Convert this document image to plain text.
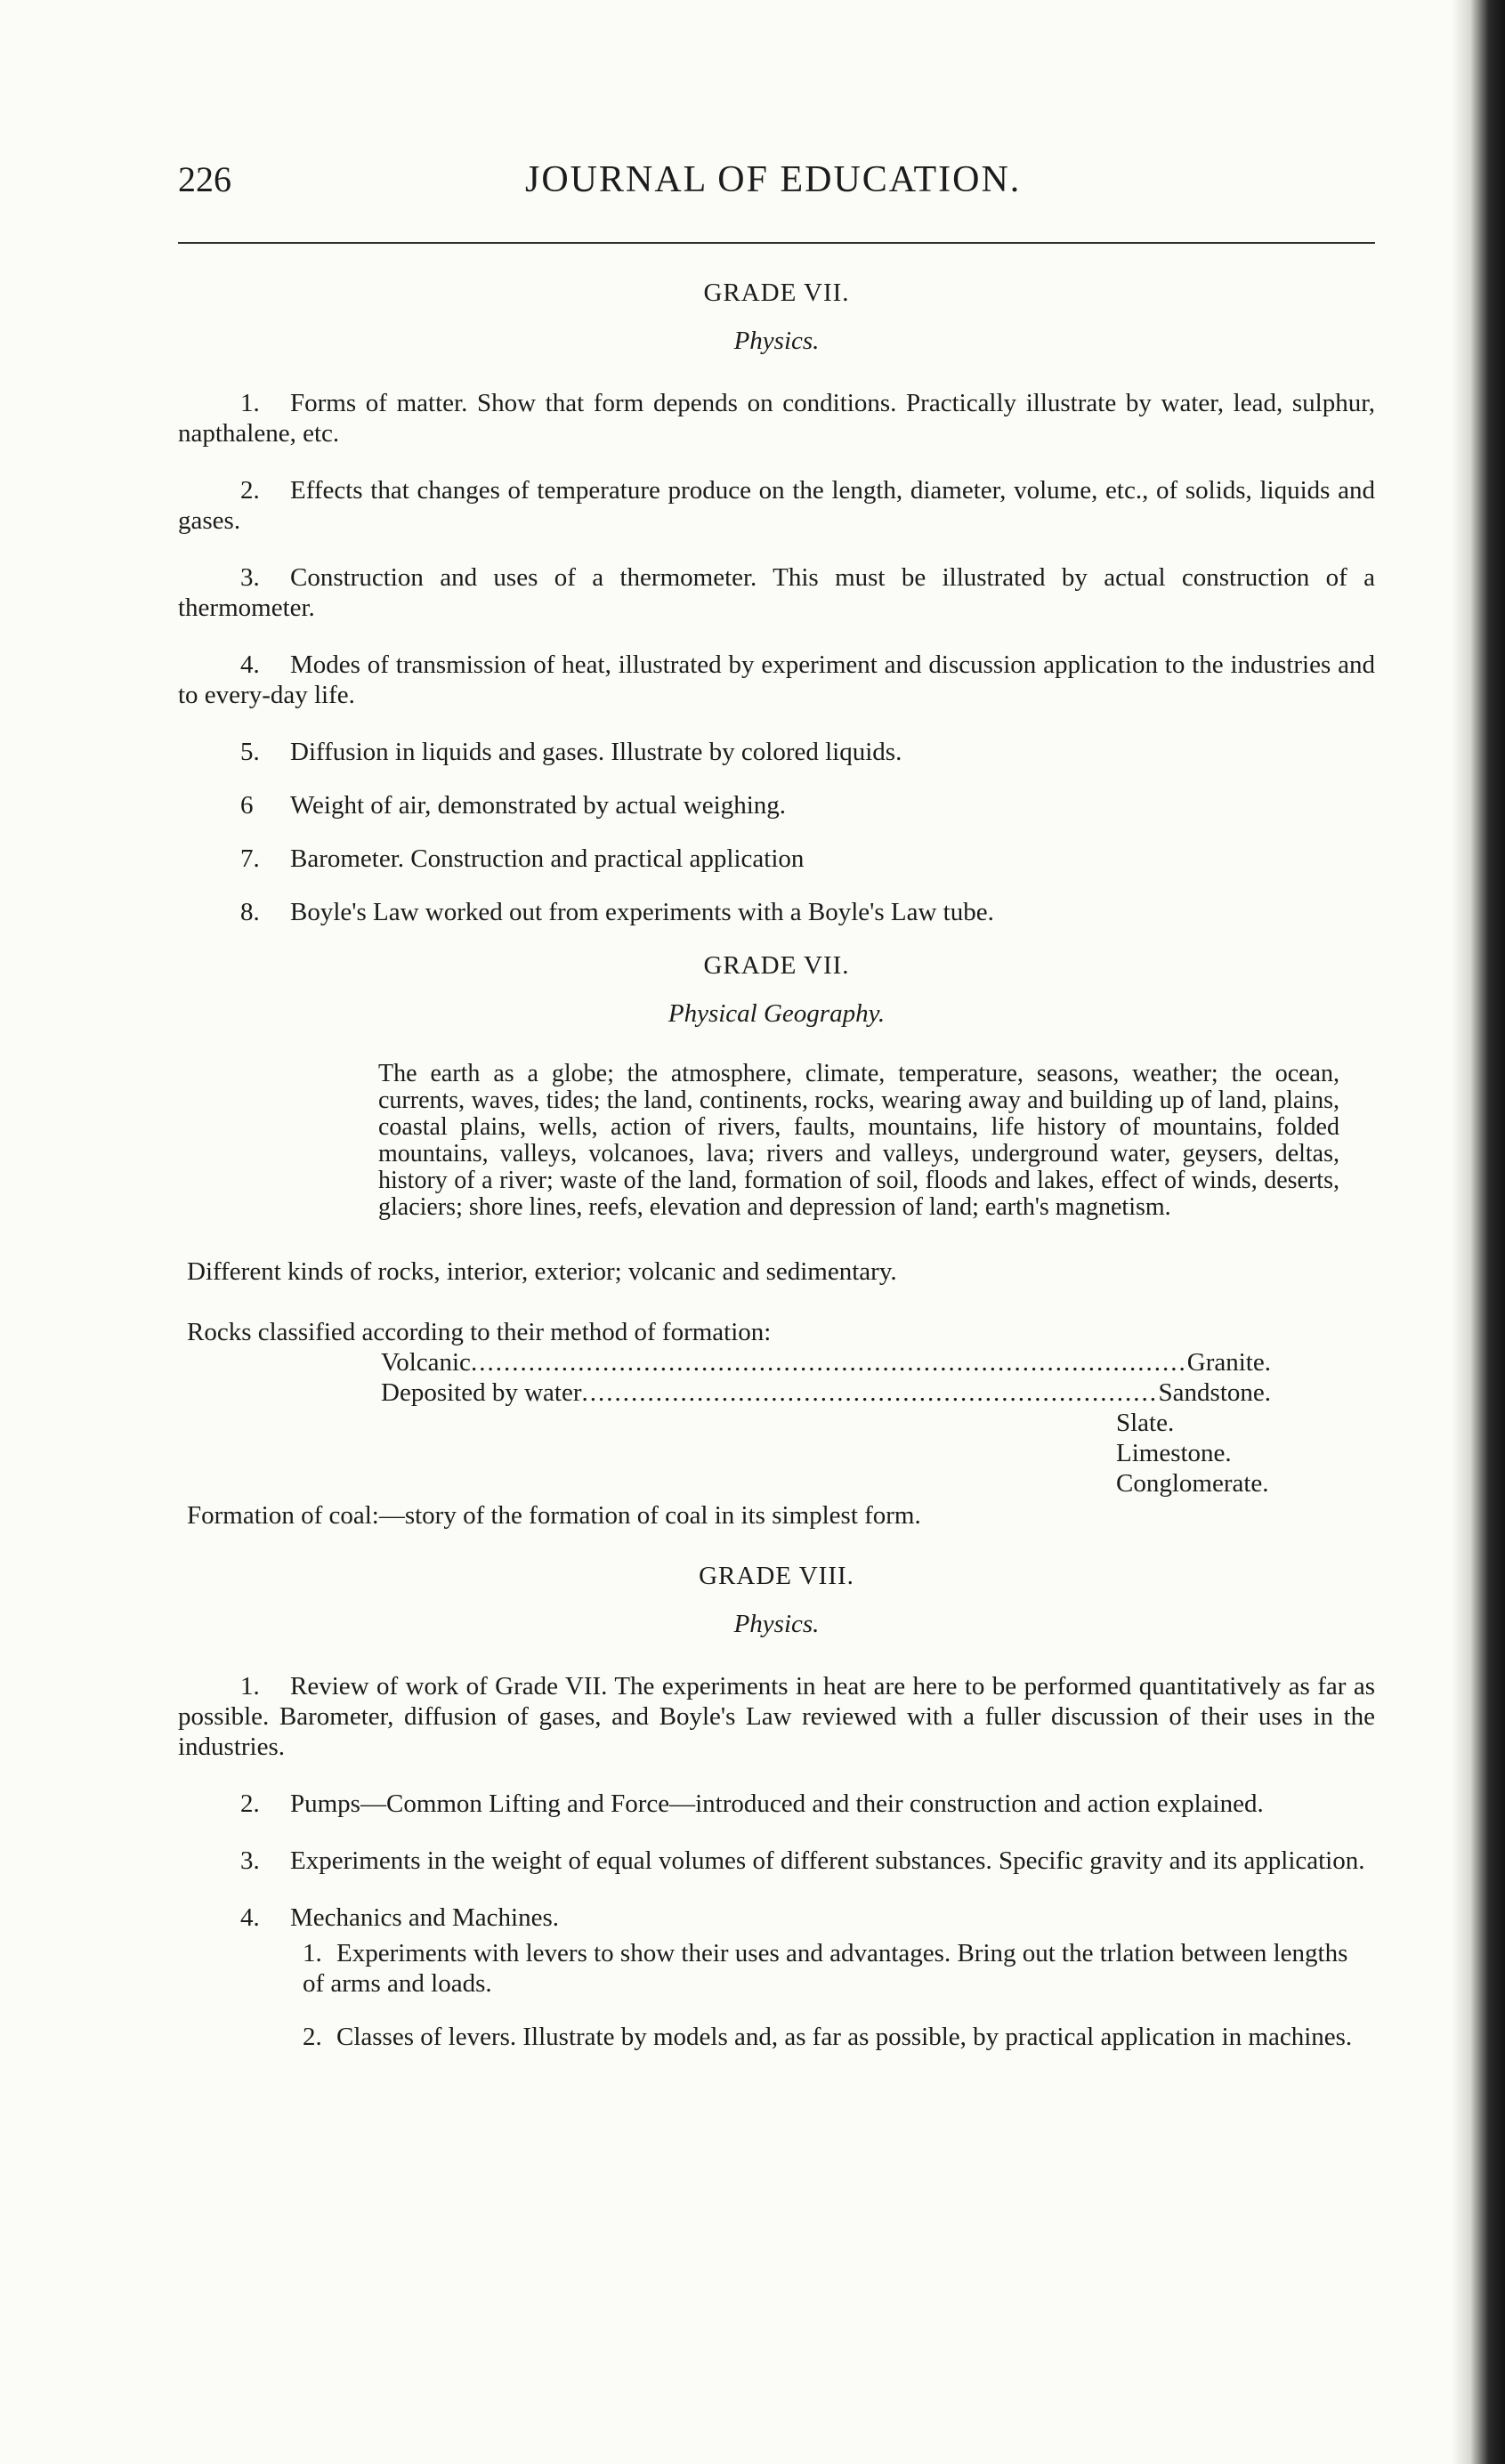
226	JOURNAL OF EDUCATION.
GRADE VII.
Physics.
1. Forms of matter. Show that form depends on conditions. Practically illustrate by water, lead, sulphur, napthalene, etc.
2. Effects that changes of temperature produce on the length, diameter, volume, etc., of solids, liquids and gases.
3. Construction and uses of a thermometer. This must be illustrated by actual construction of a thermometer.
4. Modes of transmission of heat, illustrated by experiment and discussion application to the industries and to every-day life.
5. Diffusion in liquids and gases. Illustrate by colored liquids.
6 Weight of air, demonstrated by actual weighing.
7. Barometer. Construction and practical application
8. Boyle's Law worked out from experiments with a Boyle's Law tube.
GRADE VII.
Physical Geography.
The earth as a globe; the atmosphere, climate, temperature, seasons, weather; the ocean, currents, waves, tides; the land, continents, rocks, wearing away and building up of land, plains, coastal plains, wells, action of rivers, faults, mountains, life history of mountains, folded mountains, valleys, volcanoes, lava; rivers and valleys, underground water, geysers, deltas, history of a river; waste of the land, formation of soil, floods and lakes, effect of winds, deserts, glaciers; shore lines, reefs, elevation and depression of land; earth's magnetism.
Different kinds of rocks, interior, exterior; volcanic and sedimentary.
Rocks classified according to their method of formation:
Volcanic .....	Granite.
Deposited by water .....	Sandstone.
Slate.
Limestone.
Conglomerate.
Formation of coal:—story of the formation of coal in its simplest form.
GRADE VIII.
Physics.
1. Review of work of Grade VII. The experiments in heat are here to be performed quantitatively as far as possible. Barometer, diffusion of gases, and Boyle's Law reviewed with a fuller discussion of their uses in the industries.
2. Pumps—Common Lifting and Force—introduced and their construction and action explained.
3. Experiments in the weight of equal volumes of different substances. Specific gravity and its application.
4. Mechanics and Machines.
1. Experiments with levers to show their uses and advantages. Bring out the trlation between lengths of arms and loads.
2. Classes of levers. Illustrate by models and, as far as possible, by practical application in machines.
